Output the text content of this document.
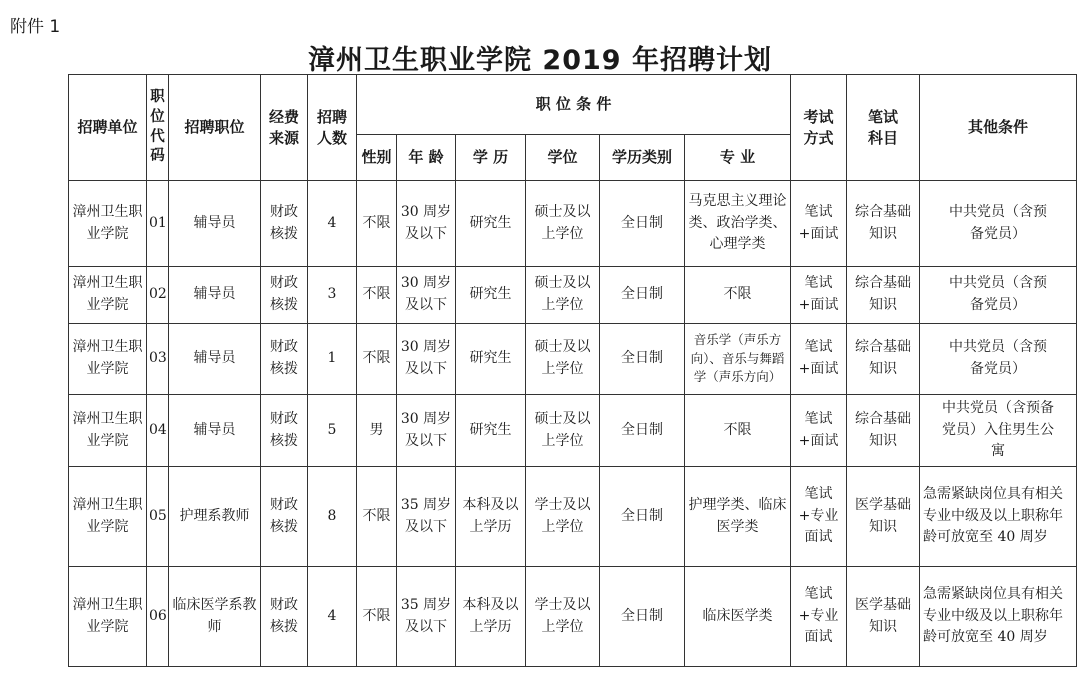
附件 1
漳州卫生职业学院 2019 年招聘计划
招聘单位	职位代码	招聘职位	经费来源	招聘人数	职 位 条 件						考试方式	笔试科目	其他条件
					性别	年 龄	学 历	学位	学历类别	专 业			

漳州卫生职业学院	01	辅导员	财政核拨	4	不限	30 周岁及以下	研究生	硕士及以上学位	全日制	马克思主义理论类、政治学类、心理学类	笔试+面试	综合基础知识	中共党员（含预备党员）

漳州卫生职业学院	02	辅导员	财政核拨	3	不限	30 周岁及以下	研究生	硕士及以上学位	全日制	不限	笔试+面试	综合基础知识	中共党员（含预备党员）

漳州卫生职业学院	03	辅导员	财政核拨	1	不限	30 周岁及以下	研究生	硕士及以上学位	全日制	音乐学（声乐方向）、音乐与舞蹈学（声乐方向）	笔试+面试	综合基础知识	中共党员（含预备党员）

漳州卫生职业学院	04	辅导员	财政核拨	5	男	30 周岁及以下	研究生	硕士及以上学位	全日制	不限	笔试+面试	综合基础知识	中共党员（含预备党员）入住男生公寓

漳州卫生职业学院	05	护理系教师	财政核拨	8	不限	35 周岁及以下	本科及以上学历	学士及以上学位	全日制	护理学类、临床医学类	笔试+专业面试	医学基础知识	急需紧缺岗位具有相关专业中级及以上职称年龄可放宽至 40 周岁

漳州卫生职业学院	06	临床医学系教师	财政核拨	4	不限	35 周岁及以下	本科及以上学历	学士及以上学位	全日制	临床医学类	笔试+专业面试	医学基础知识	急需紧缺岗位具有相关专业中级及以上职称年龄可放宽至 40 周岁
